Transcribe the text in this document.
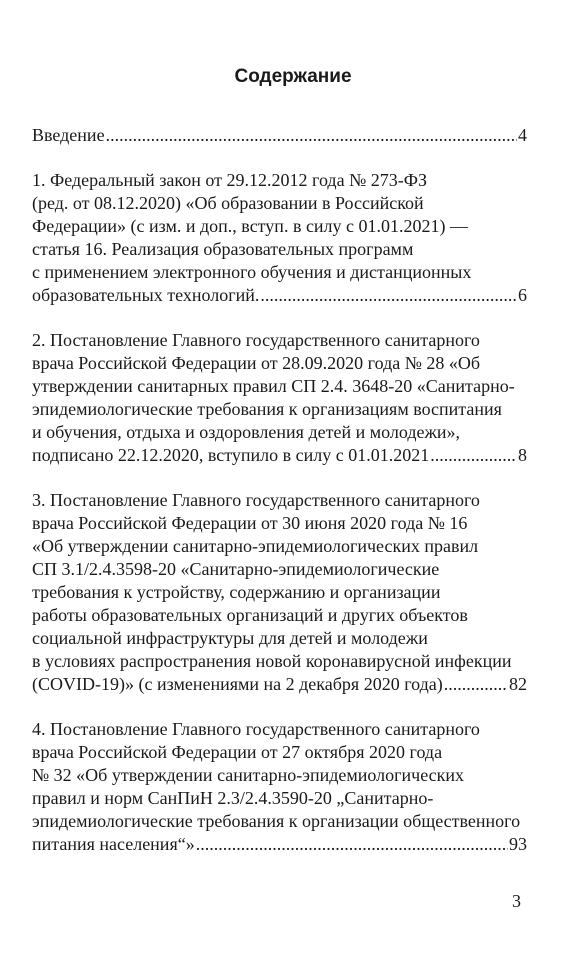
Содержание
Введение .....	4
1. Федеральный закон от 29.12.2012 года № 273-ФЗ
(ред. от 08.12.2020) «Об образовании в Российской
Федерации» (с изм. и доп., вступ. в силу с 01.01.2021) —
статья 16. Реализация образовательных программ
с применением электронного обучения и дистанционных
образовательных технологий. .....	6
2. Постановление Главного государственного санитарного
врача Российской Федерации от 28.09.2020 года № 28 «Об
утверждении санитарных правил СП 2.4. 3648-20 «Санитарно-
эпидемиологические требования к организациям воспитания
и обучения, отдыха и оздоровления детей и молодежи»,
подписано 22.12.2020, вступило в силу с 01.01.2021 .....	8
3. Постановление Главного государственного санитарного
врача Российской Федерации от 30 июня 2020 года № 16
«Об утверждении санитарно-эпидемиологических правил
СП 3.1/2.4.3598-20 «Санитарно-эпидемиологические
требования к устройству, содержанию и организации
работы образовательных организаций и других объектов
социальной инфраструктуры для детей и молодежи
в условиях распространения новой коронавирусной инфекции
(COVID-19)» (с изменениями на 2 декабря 2020 года) .....	82
4. Постановление Главного государственного санитарного
врача Российской Федерации от 27 октября 2020 года
№ 32 «Об утверждении санитарно-эпидемиологических
правил и норм СанПиН 2.3/2.4.3590-20 „Санитарно-
эпидемиологические требования к организации общественного
питания населения“» .....	93
3
